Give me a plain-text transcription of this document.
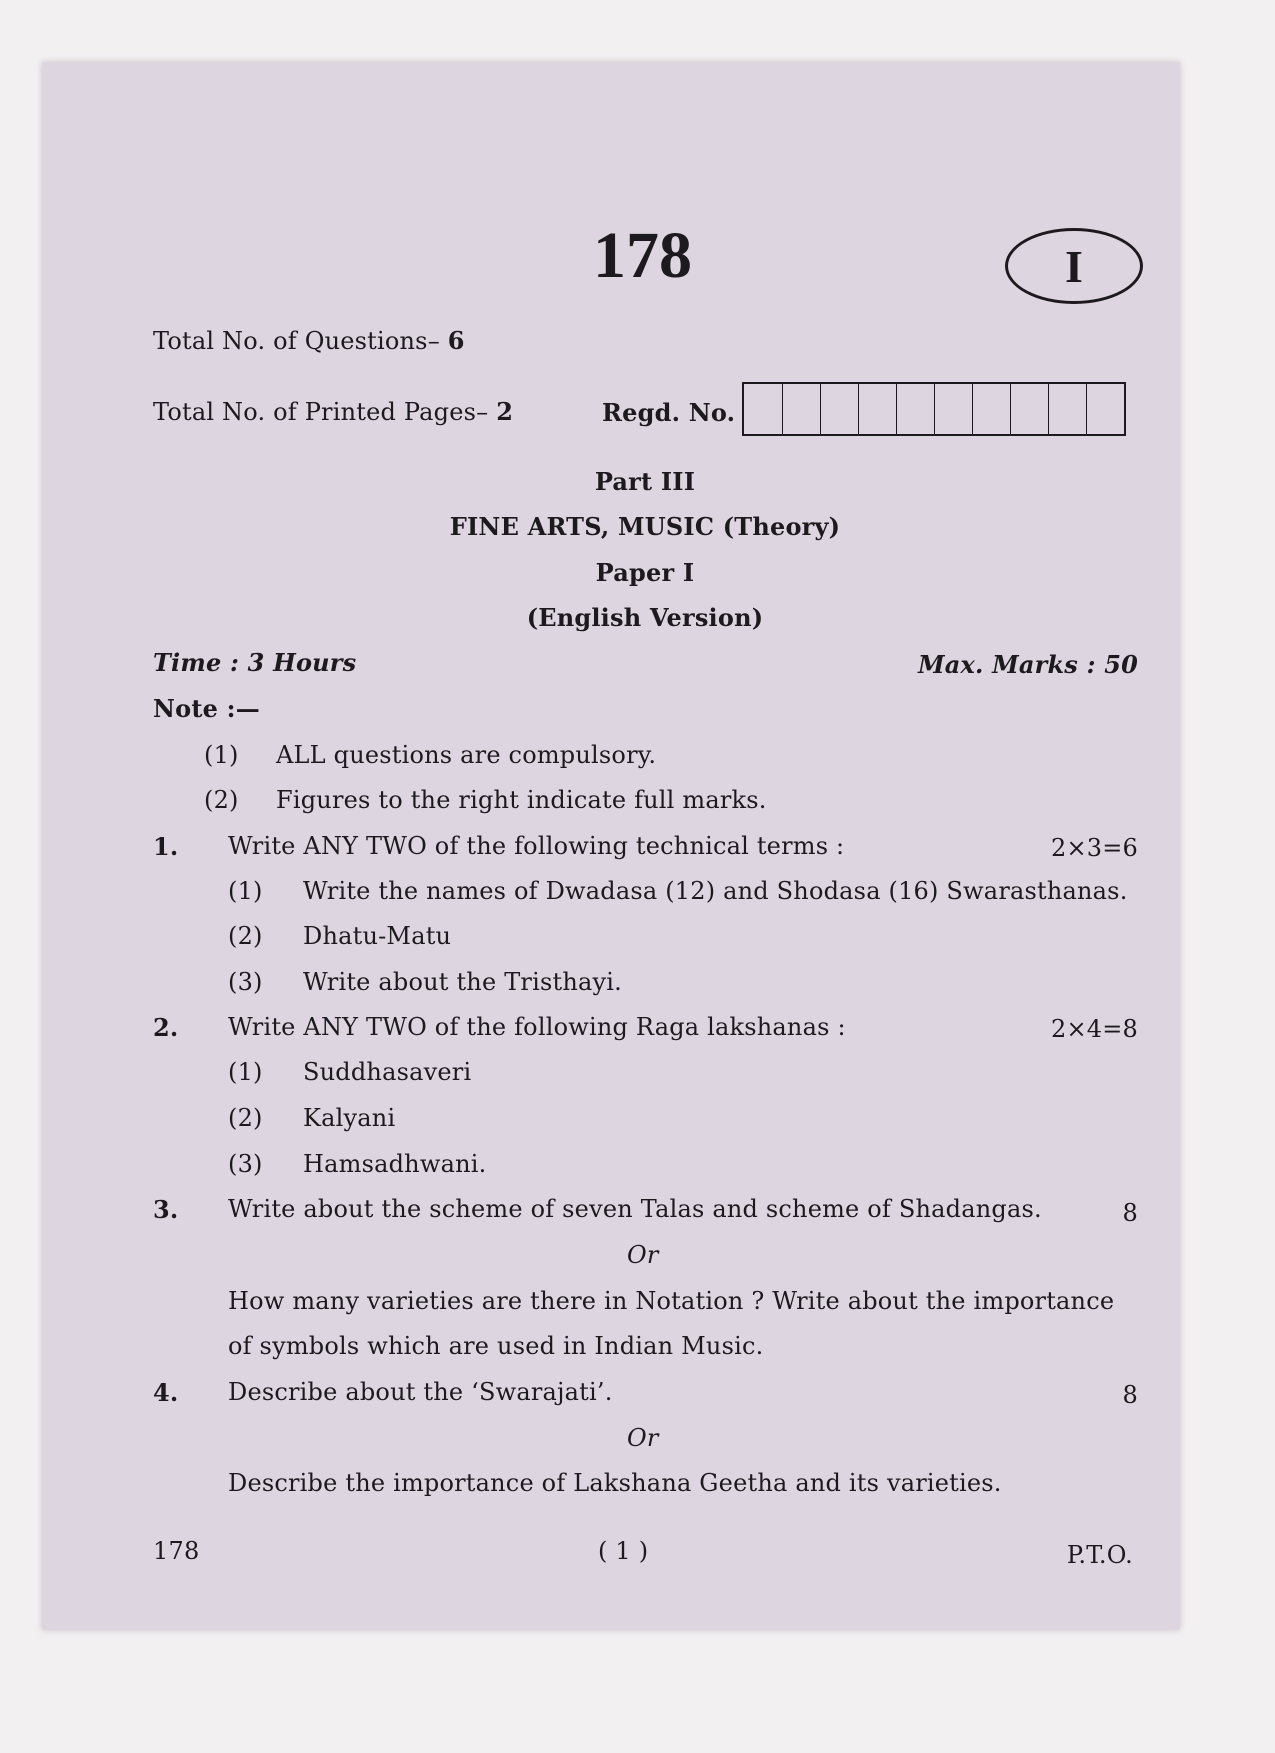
178	I
Total No. of Questions– 6
Total No. of Printed Pages– 2	Regd. No.
Part III
FINE ARTS, MUSIC (Theory)
Paper I
(English Version)
Time : 3 Hours	Max. Marks : 50
Note :—
(1) ALL questions are compulsory.
(2) Figures to the right indicate full marks.
1. Write ANY TWO of the following technical terms :	2×3=6
(1) Write the names of Dwadasa (12) and Shodasa (16) Swarasthanas.
(2) Dhatu-Matu
(3) Write about the Tristhayi.
2. Write ANY TWO of the following Raga lakshanas :	2×4=8
(1) Suddhasaveri
(2) Kalyani
(3) Hamsadhwani.
3. Write about the scheme of seven Talas and scheme of Shadangas.	8
Or
How many varieties are there in Notation ? Write about the importance
of symbols which are used in Indian Music.
4. Describe about the ‘Swarajati’.	8
Or
Describe the importance of Lakshana Geetha and its varieties.
178	( 1 )	P.T.O.
